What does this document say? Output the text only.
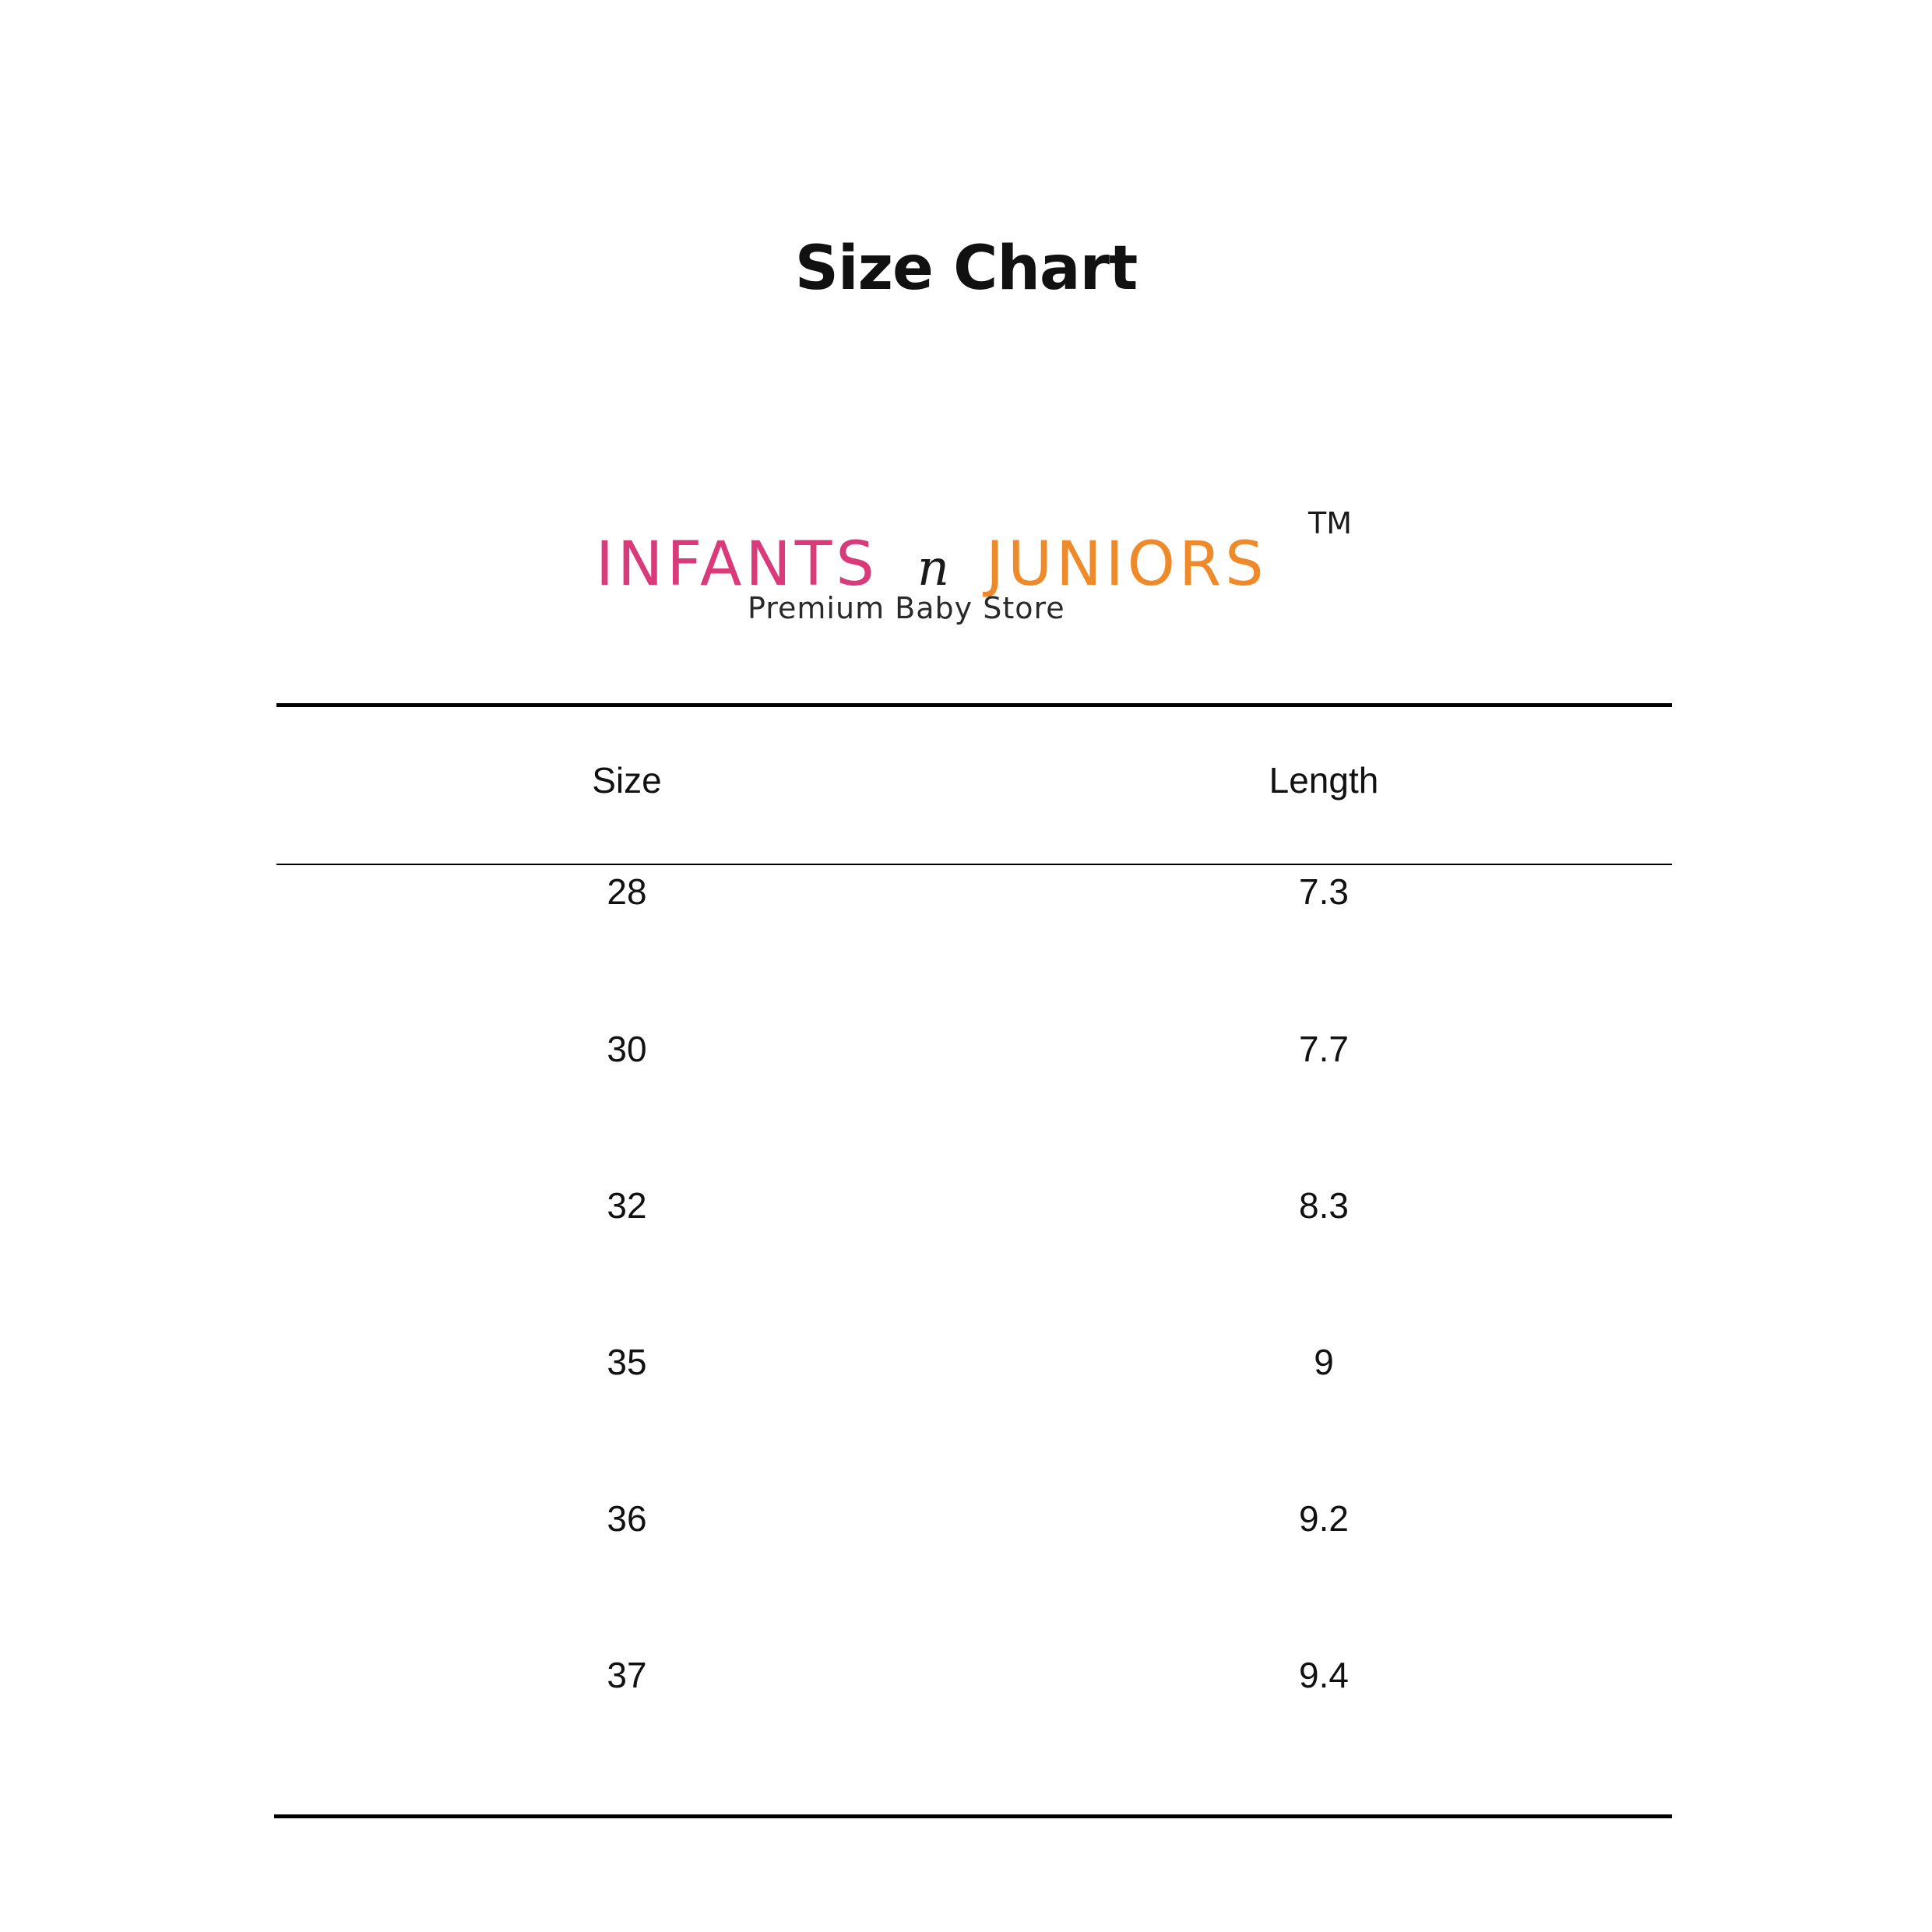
Size Chart
INFANTS n JUNIORS
TM
Premium Baby Store
Size	Length
28	7.3
30	7.7
32	8.3
35	9
36	9.2
37	9.4
